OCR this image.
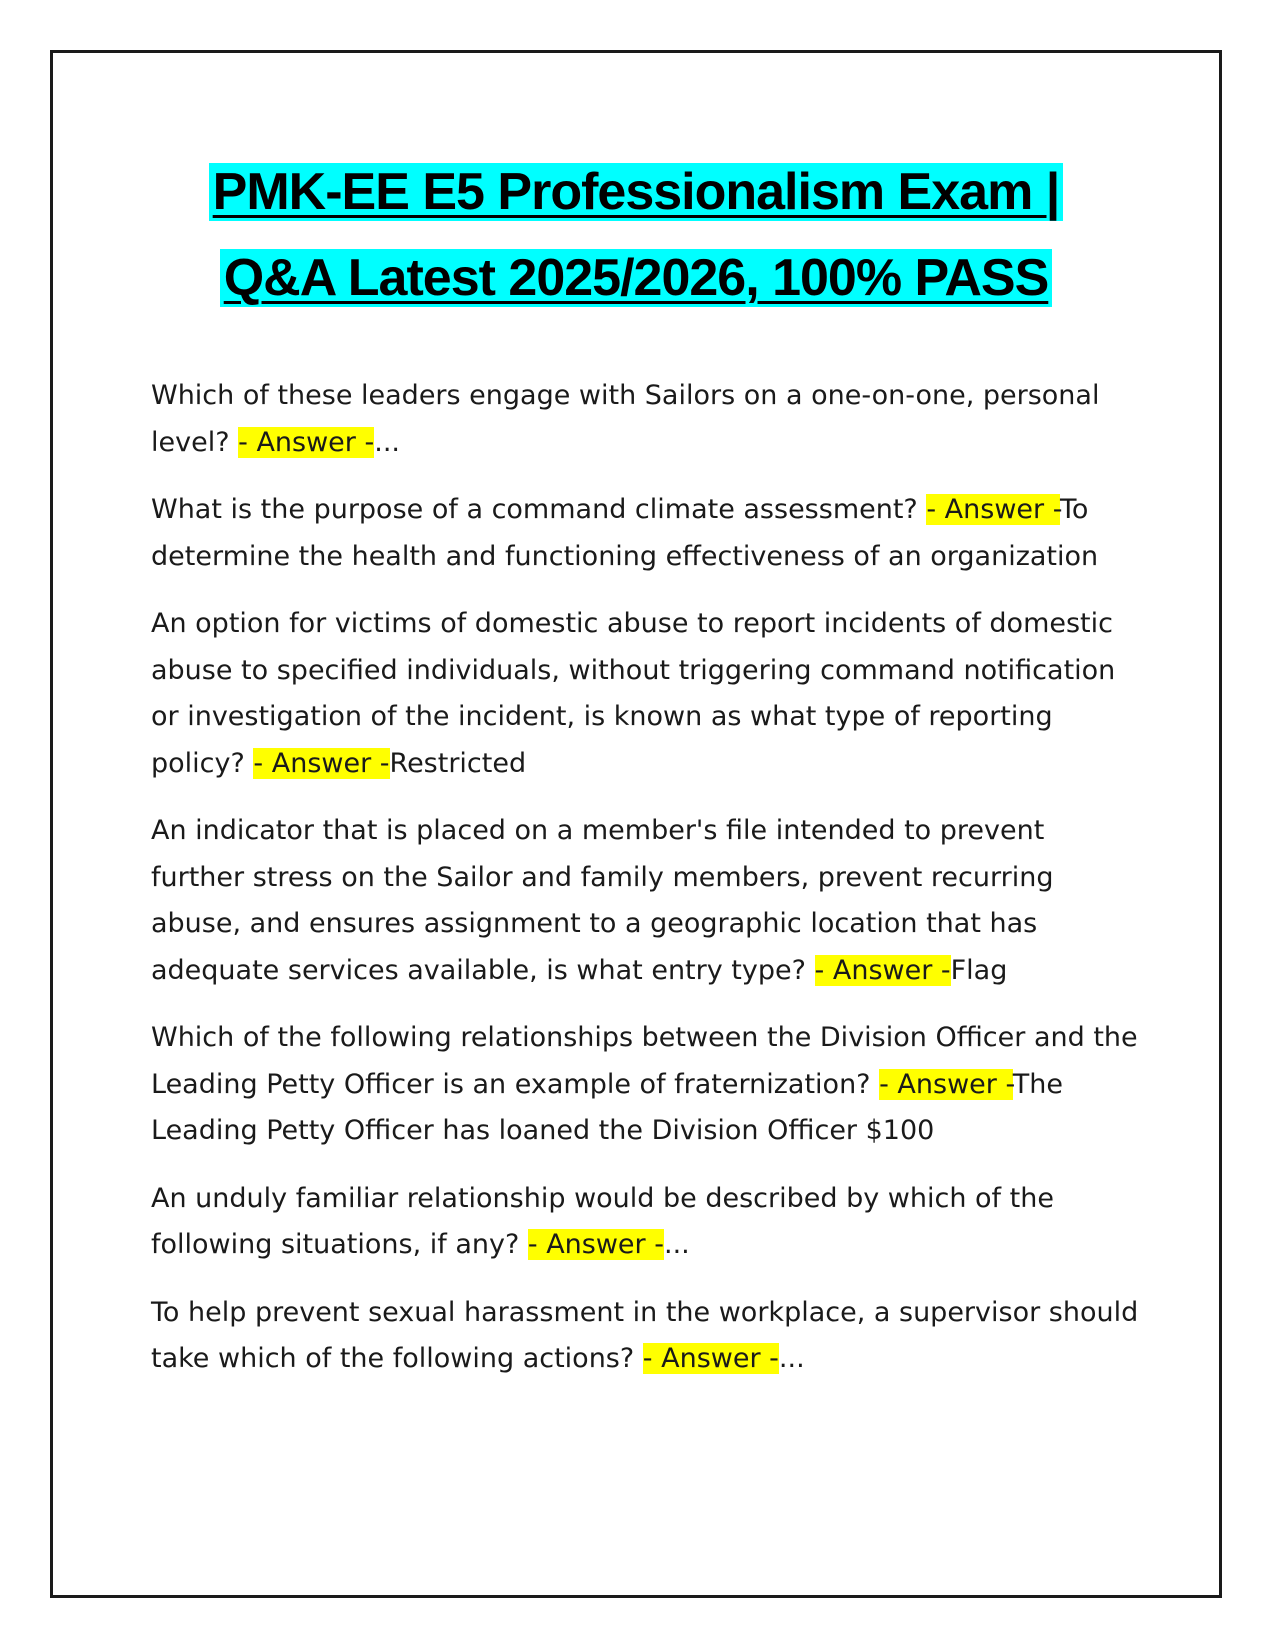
PMK-EE E5 Professionalism Exam |
Q&A Latest 2025/2026, 100% PASS

Which of these leaders engage with Sailors on a one-on-one, personal level? - Answer -...

What is the purpose of a command climate assessment? - Answer -To determine the health and functioning effectiveness of an organization

An option for victims of domestic abuse to report incidents of domestic abuse to specified individuals, without triggering command notification or investigation of the incident, is known as what type of reporting policy? - Answer -Restricted

An indicator that is placed on a member's file intended to prevent further stress on the Sailor and family members, prevent recurring abuse, and ensures assignment to a geographic location that has adequate services available, is what entry type? - Answer -Flag

Which of the following relationships between the Division Officer and the Leading Petty Officer is an example of fraternization? - Answer -The Leading Petty Officer has loaned the Division Officer $100

An unduly familiar relationship would be described by which of the following situations, if any? - Answer -...

To help prevent sexual harassment in the workplace, a supervisor should take which of the following actions? - Answer -...
